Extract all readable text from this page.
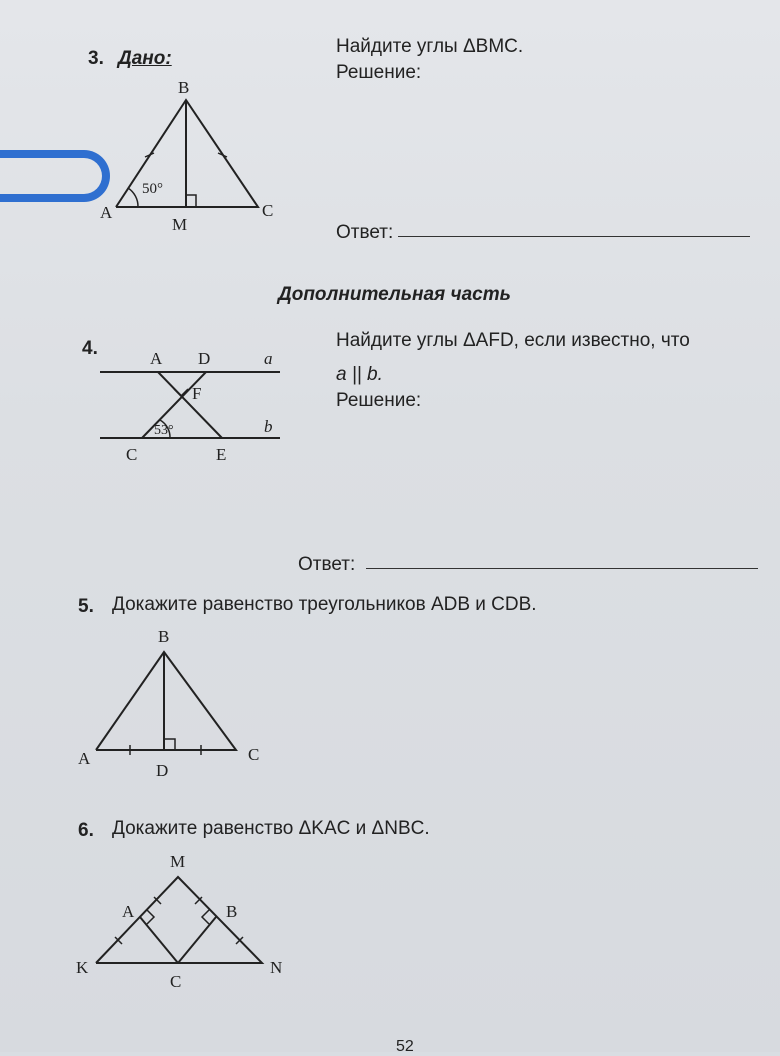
3. Дано:
Найдите углы ΔBMC.
Решение:
B
A
M
C
50°
Ответ:
Дополнительная часть
4.	Найдите углы ΔAFD, если известно, что
a || b.
Решение:
A D	a
F
b
C	E
53°
Ответ:
5. Докажите равенство треугольников ADB и CDB.
B
A
D
C
6. Докажите равенство ΔKAC и ΔNBC.
M
A	B
K
C
N
52
